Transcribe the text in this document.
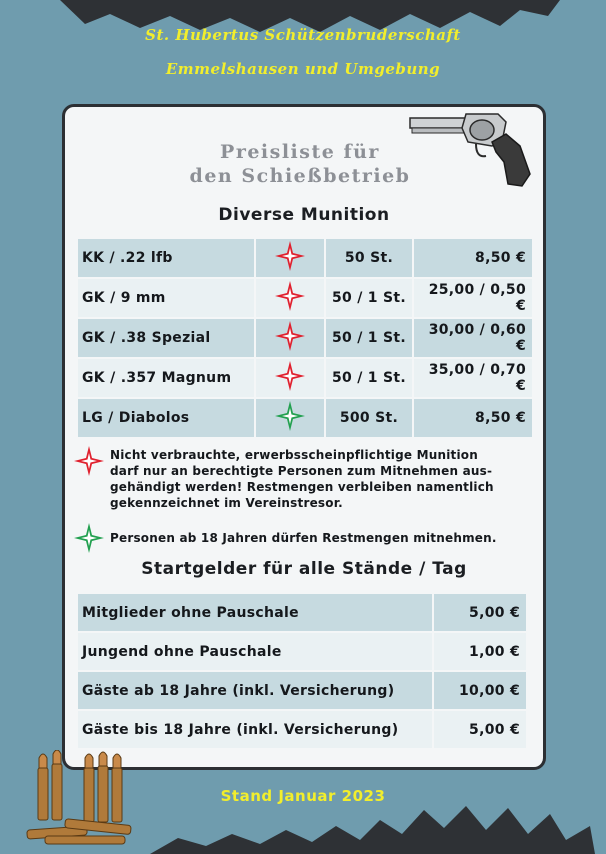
St. Hubertus Schützenbruderschaft
Emmelshausen und Umgebung
Preisliste für
den Schießbetrieb
Diverse Munition
KK / .22 lfb		50 St.	8,50 €
GK / 9 mm		50 / 1 St.	25,00 / 0,50 €
GK / .38 Spezial		50 / 1 St.	30,00 / 0,60 €
GK / .357 Magnum		50 / 1 St.	35,00 / 0,70 €
LG / Diabolos		500 St.	8,50 €
Nicht verbrauchte, erwerbsscheinpflichtige Munition
darf nur an berechtigte Personen zum Mitnehmen aus-
gehändigt werden! Restmengen verbleiben namentlich
gekennzeichnet im Vereinstresor.
Personen ab 18 Jahren dürfen Restmengen mitnehmen.
Startgelder für alle Stände / Tag
Mitglieder ohne Pauschale	5,00 €
Jungend ohne Pauschale	1,00 €
Gäste ab 18 Jahre (inkl. Versicherung)	10,00 €
Gäste bis 18 Jahre (inkl. Versicherung)	5,00 €
Stand Januar 2023
